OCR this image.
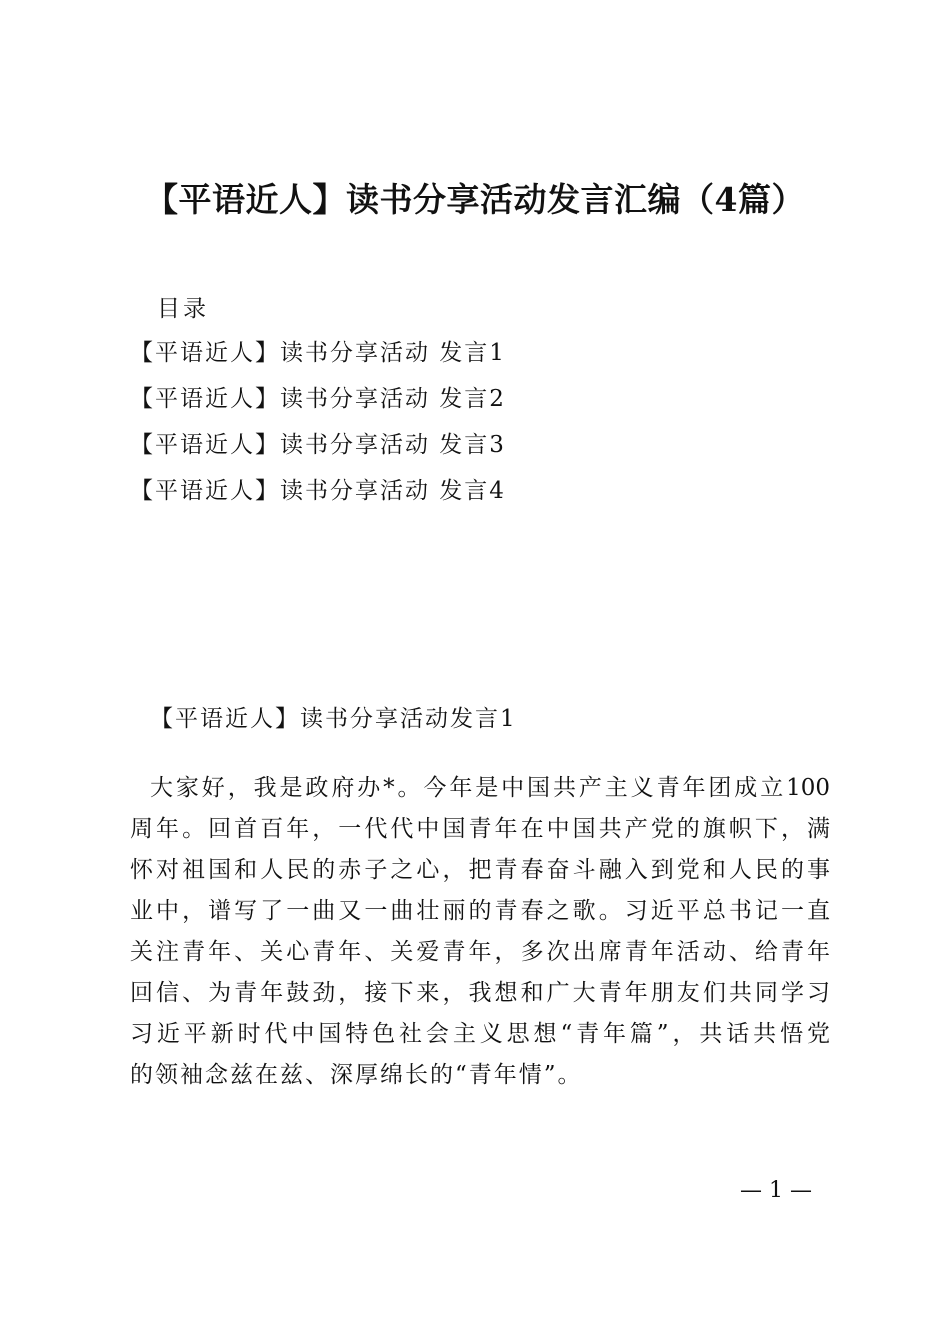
【平语近人】读书分享活动发言汇编（4篇）
目录
【平语近人】读书分享活动 发言1
【平语近人】读书分享活动 发言2
【平语近人】读书分享活动 发言3
【平语近人】读书分享活动 发言4
【平语近人】读书分享活动发言1
大家好，我是政府办*。今年是中国共产主义青年团成立100
周年。回首百年，一代代中国青年在中国共产党的旗帜下，满
怀对祖国和人民的赤子之心，把青春奋斗融入到党和人民的事
业中，谱写了一曲又一曲壮丽的青春之歌。习近平总书记一直
关注青年、关心青年、关爱青年，多次出席青年活动、给青年
回信、为青年鼓劲，接下来，我想和广大青年朋友们共同学习
习近平新时代中国特色社会主义思想“青年篇”，共话共悟党
的领袖念兹在兹、深厚绵长的“青年情”。
— 1 —
